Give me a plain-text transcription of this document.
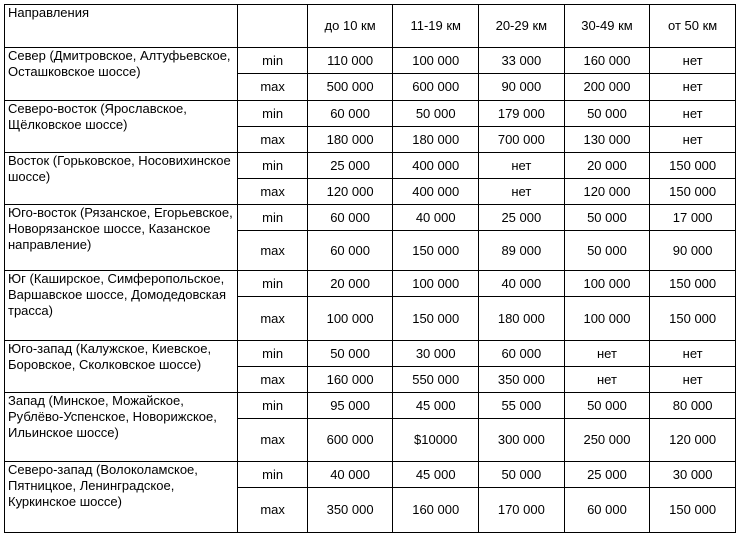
Направления		до 10 км	11-19 км	20-29 км	30-49 км	от 50 км
Север (Дмитровское, Алтуфьевское, Осташковское шоссе)	min	110 000	100 000	33 000	160 000	нет
	max	500 000	600 000	90 000	200 000	нет
Северо-восток (Ярославское, Щёлковское шоссе)	min	60 000	50 000	179 000	50 000	нет
	max	180 000	180 000	700 000	130 000	нет
Восток (Горьковское, Носовихинское шоссе)	min	25 000	400 000	нет	20 000	150 000
	max	120 000	400 000	нет	120 000	150 000
Юго-восток (Рязанское, Егорьевское, Новорязанское шоссе, Казанское направление)	min	60 000	40 000	25 000	50 000	17 000
	max	60 000	150 000	89 000	50 000	90 000
Юг (Каширское, Симферопольское, Варшавское шоссе, Домодедовская трасса)	min	20 000	100 000	40 000	100 000	150 000
	max	100 000	150 000	180 000	100 000	150 000
Юго-запад (Калужское, Киевское, Боровское, Сколковское шоссе)	min	50 000	30 000	60 000	нет	нет
	max	160 000	550 000	350 000	нет	нет
Запад (Минское, Можайское, Рублёво-Успенское, Новорижское, Ильинское шоссе)	min	95 000	45 000	55 000	50 000	80 000
	max	600 000	$10000	300 000	250 000	120 000
Северо-запад (Волоколамское, Пятницкое, Ленинградское, Куркинское шоссе)	min	40 000	45 000	50 000	25 000	30 000
	max	350 000	160 000	170 000	60 000	150 000
